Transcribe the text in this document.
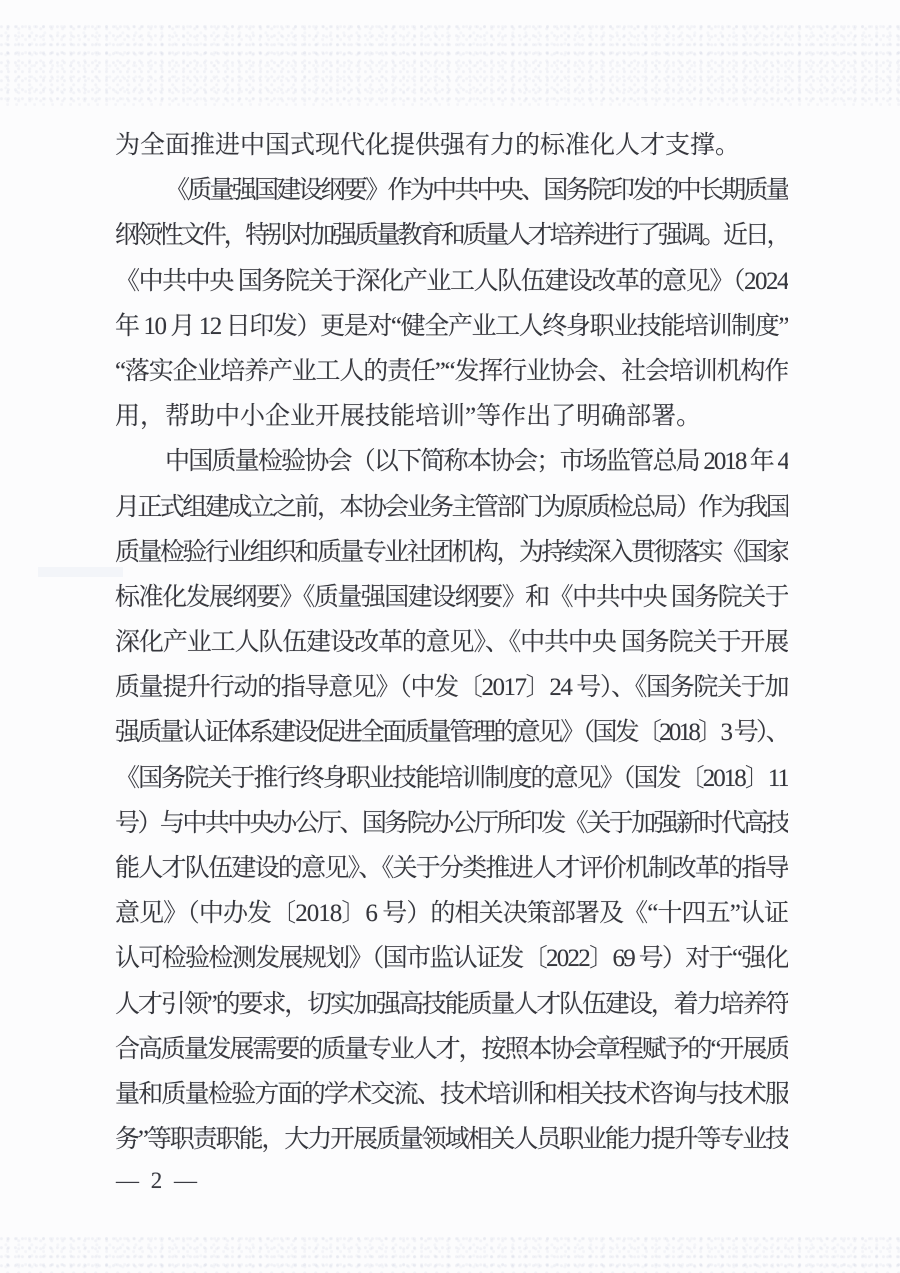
为全面推进中国式现代化提供强有力的标准化人才支撑。
《质量强国建设纲要》作为中共中央、国务院印发的中长期质量
纲领性文件，特别对加强质量教育和质量人才培养进行了强调。近日，
《中共中央 国务院关于深化产业工人队伍建设改革的意见》（2024
年 10 月 12 日印发）更是对“健全产业工人终身职业技能培训制度”
“落实企业培养产业工人的责任”“发挥行业协会、社会培训机构作
用，帮助中小企业开展技能培训”等作出了明确部署。
中国质量检验协会（以下简称本协会；市场监管总局 2018 年 4
月正式组建成立之前，本协会业务主管部门为原质检总局）作为我国
质量检验行业组织和质量专业社团机构，为持续深入贯彻落实《国家
标准化发展纲要》《质量强国建设纲要》和《中共中央 国务院关于
深化产业工人队伍建设改革的意见》、《中共中央 国务院关于开展
质量提升行动的指导意见》（中发〔2017〕24 号）、《国务院关于加
强质量认证体系建设促进全面质量管理的意见》（国发〔2018〕3 号）、
《国务院关于推行终身职业技能培训制度的意见》（国发〔2018〕11
号）与中共中央办公厅、国务院办公厅所印发《关于加强新时代高技
能人才队伍建设的意见》、《关于分类推进人才评价机制改革的指导
意见》（中办发〔2018〕6 号）的相关决策部署及《“十四五”认证
认可检验检测发展规划》（国市监认证发〔2022〕69 号）对于“强化
人才引领”的要求，切实加强高技能质量人才队伍建设，着力培养符
合高质量发展需要的质量专业人才，按照本协会章程赋予的“开展质
量和质量检验方面的学术交流、技术培训和相关技术咨询与技术服
务”等职责职能，大力开展质量领域相关人员职业能力提升等专业技
— 2 —
